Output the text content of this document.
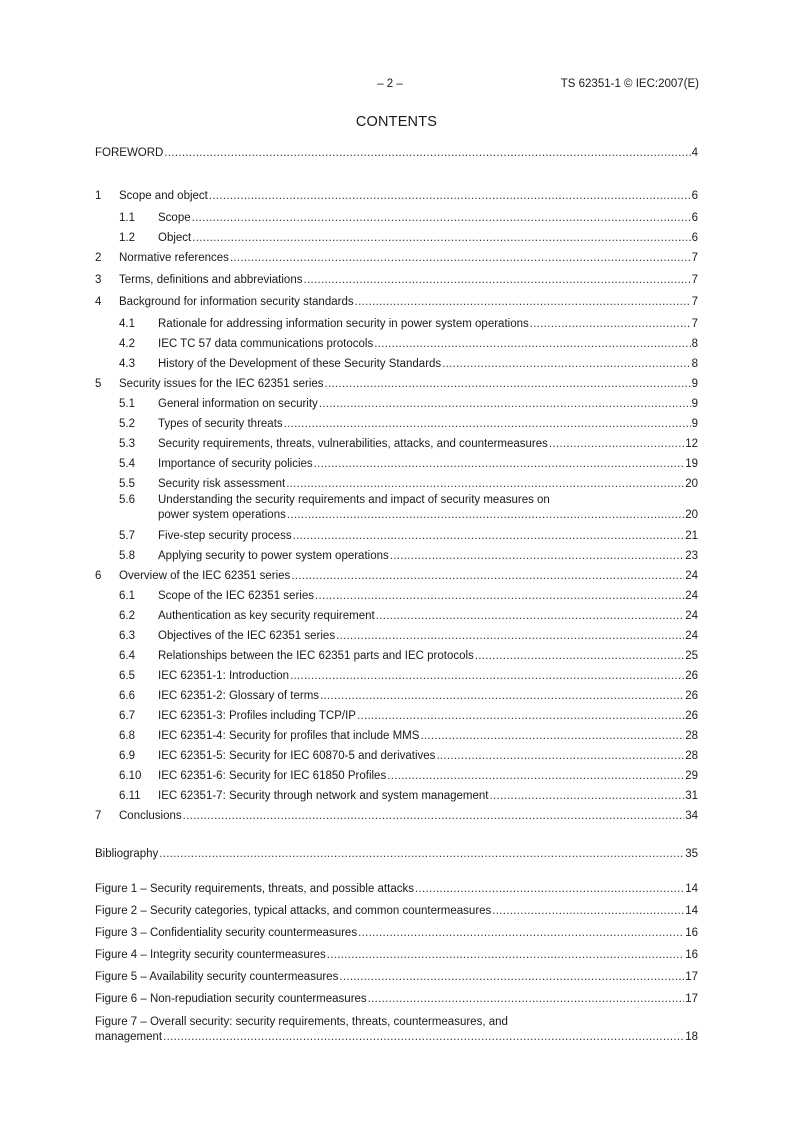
– 2 –	TS 62351-1 © IEC:2007(E)
CONTENTS
FOREWORD .....	4
1 Scope and object .....	6
1.1 Scope .....	6
1.2 Object .....	6
2 Normative references .....	7
3 Terms, definitions and abbreviations .....	7
4 Background for information security standards .....	7
4.1 Rationale for addressing information security in power system operations .....	7
4.2 IEC TC 57 data communications protocols .....	8
4.3 History of the Development of these Security Standards .....	8
5 Security issues for the IEC 62351 series .....	9
5.1 General information on security .....	9
5.2 Types of security threats .....	9
5.3 Security requirements, threats, vulnerabilities, attacks, and countermeasures .....	12
5.4 Importance of security policies .....	19
5.5 Security risk assessment .....	20
5.6 Understanding the security requirements and impact of security measures on
power system operations .....	20
5.7 Five-step security process .....	21
5.8 Applying security to power system operations .....	23
6 Overview of the IEC 62351 series .....	24
6.1 Scope of the IEC 62351 series .....	24
6.2 Authentication as key security requirement .....	24
6.3 Objectives of the IEC 62351 series .....	24
6.4 Relationships between the IEC 62351 parts and IEC protocols .....	25
6.5 IEC 62351-1: Introduction .....	26
6.6 IEC 62351-2: Glossary of terms .....	26
6.7 IEC 62351-3: Profiles including TCP/IP .....	26
6.8 IEC 62351-4: Security for profiles that include MMS .....	28
6.9 IEC 62351-5: Security for IEC 60870-5 and derivatives .....	28
6.10 IEC 62351-6: Security for IEC 61850 Profiles .....	29
6.11 IEC 62351-7: Security through network and system management .....	31
7 Conclusions .....	34
Bibliography .....	35
Figure 1 – Security requirements, threats, and possible attacks .....	14
Figure 2 – Security categories, typical attacks, and common countermeasures .....	14
Figure 3 – Confidentiality security countermeasures .....	16
Figure 4 – Integrity security countermeasures .....	16
Figure 5 – Availability security countermeasures .....	17
Figure 6 – Non-repudiation security countermeasures .....	17
Figure 7 – Overall security: security requirements, threats, countermeasures, and
management .....	18
